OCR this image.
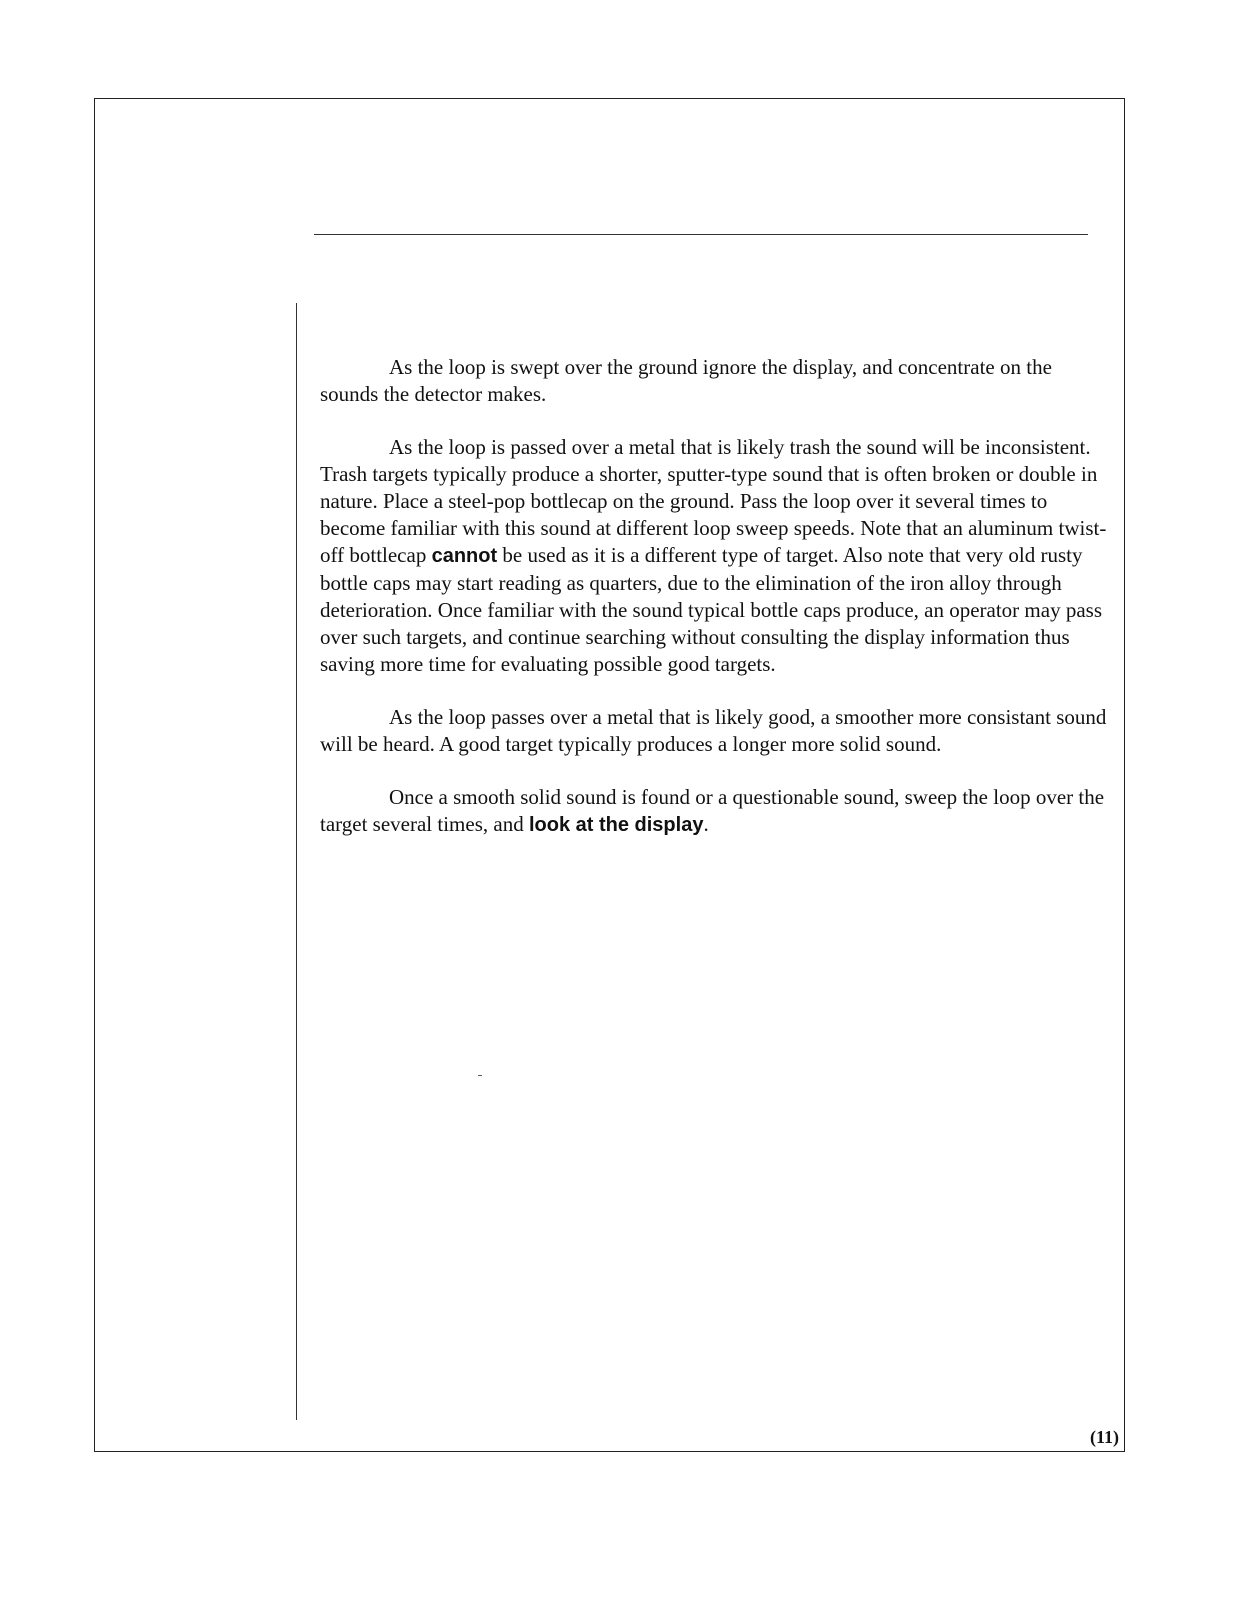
As the loop is swept over the ground ignore the display, and concentrate on the sounds the detector makes.

As the loop is passed over a metal that is likely trash the sound will be inconsistent. Trash targets typically produce a shorter, sputter-type sound that is often broken or double in nature. Place a steel-pop bottlecap on the ground. Pass the loop over it several times to become familiar with this sound at different loop sweep speeds. Note that an aluminum twist-off bottlecap cannot be used as it is a different type of target. Also note that very old rusty bottle caps may start reading as quarters, due to the elimination of the iron alloy through deterioration. Once familiar with the sound typical bottle caps produce, an operator may pass over such targets, and continue searching without consulting the display information thus saving more time for evaluating possible good targets.

As the loop passes over a metal that is likely good, a smoother more consistant sound will be heard. A good target typically produces a longer more solid sound.

Once a smooth solid sound is found or a questionable sound, sweep the loop over the target several times, and look at the display.

(11)
